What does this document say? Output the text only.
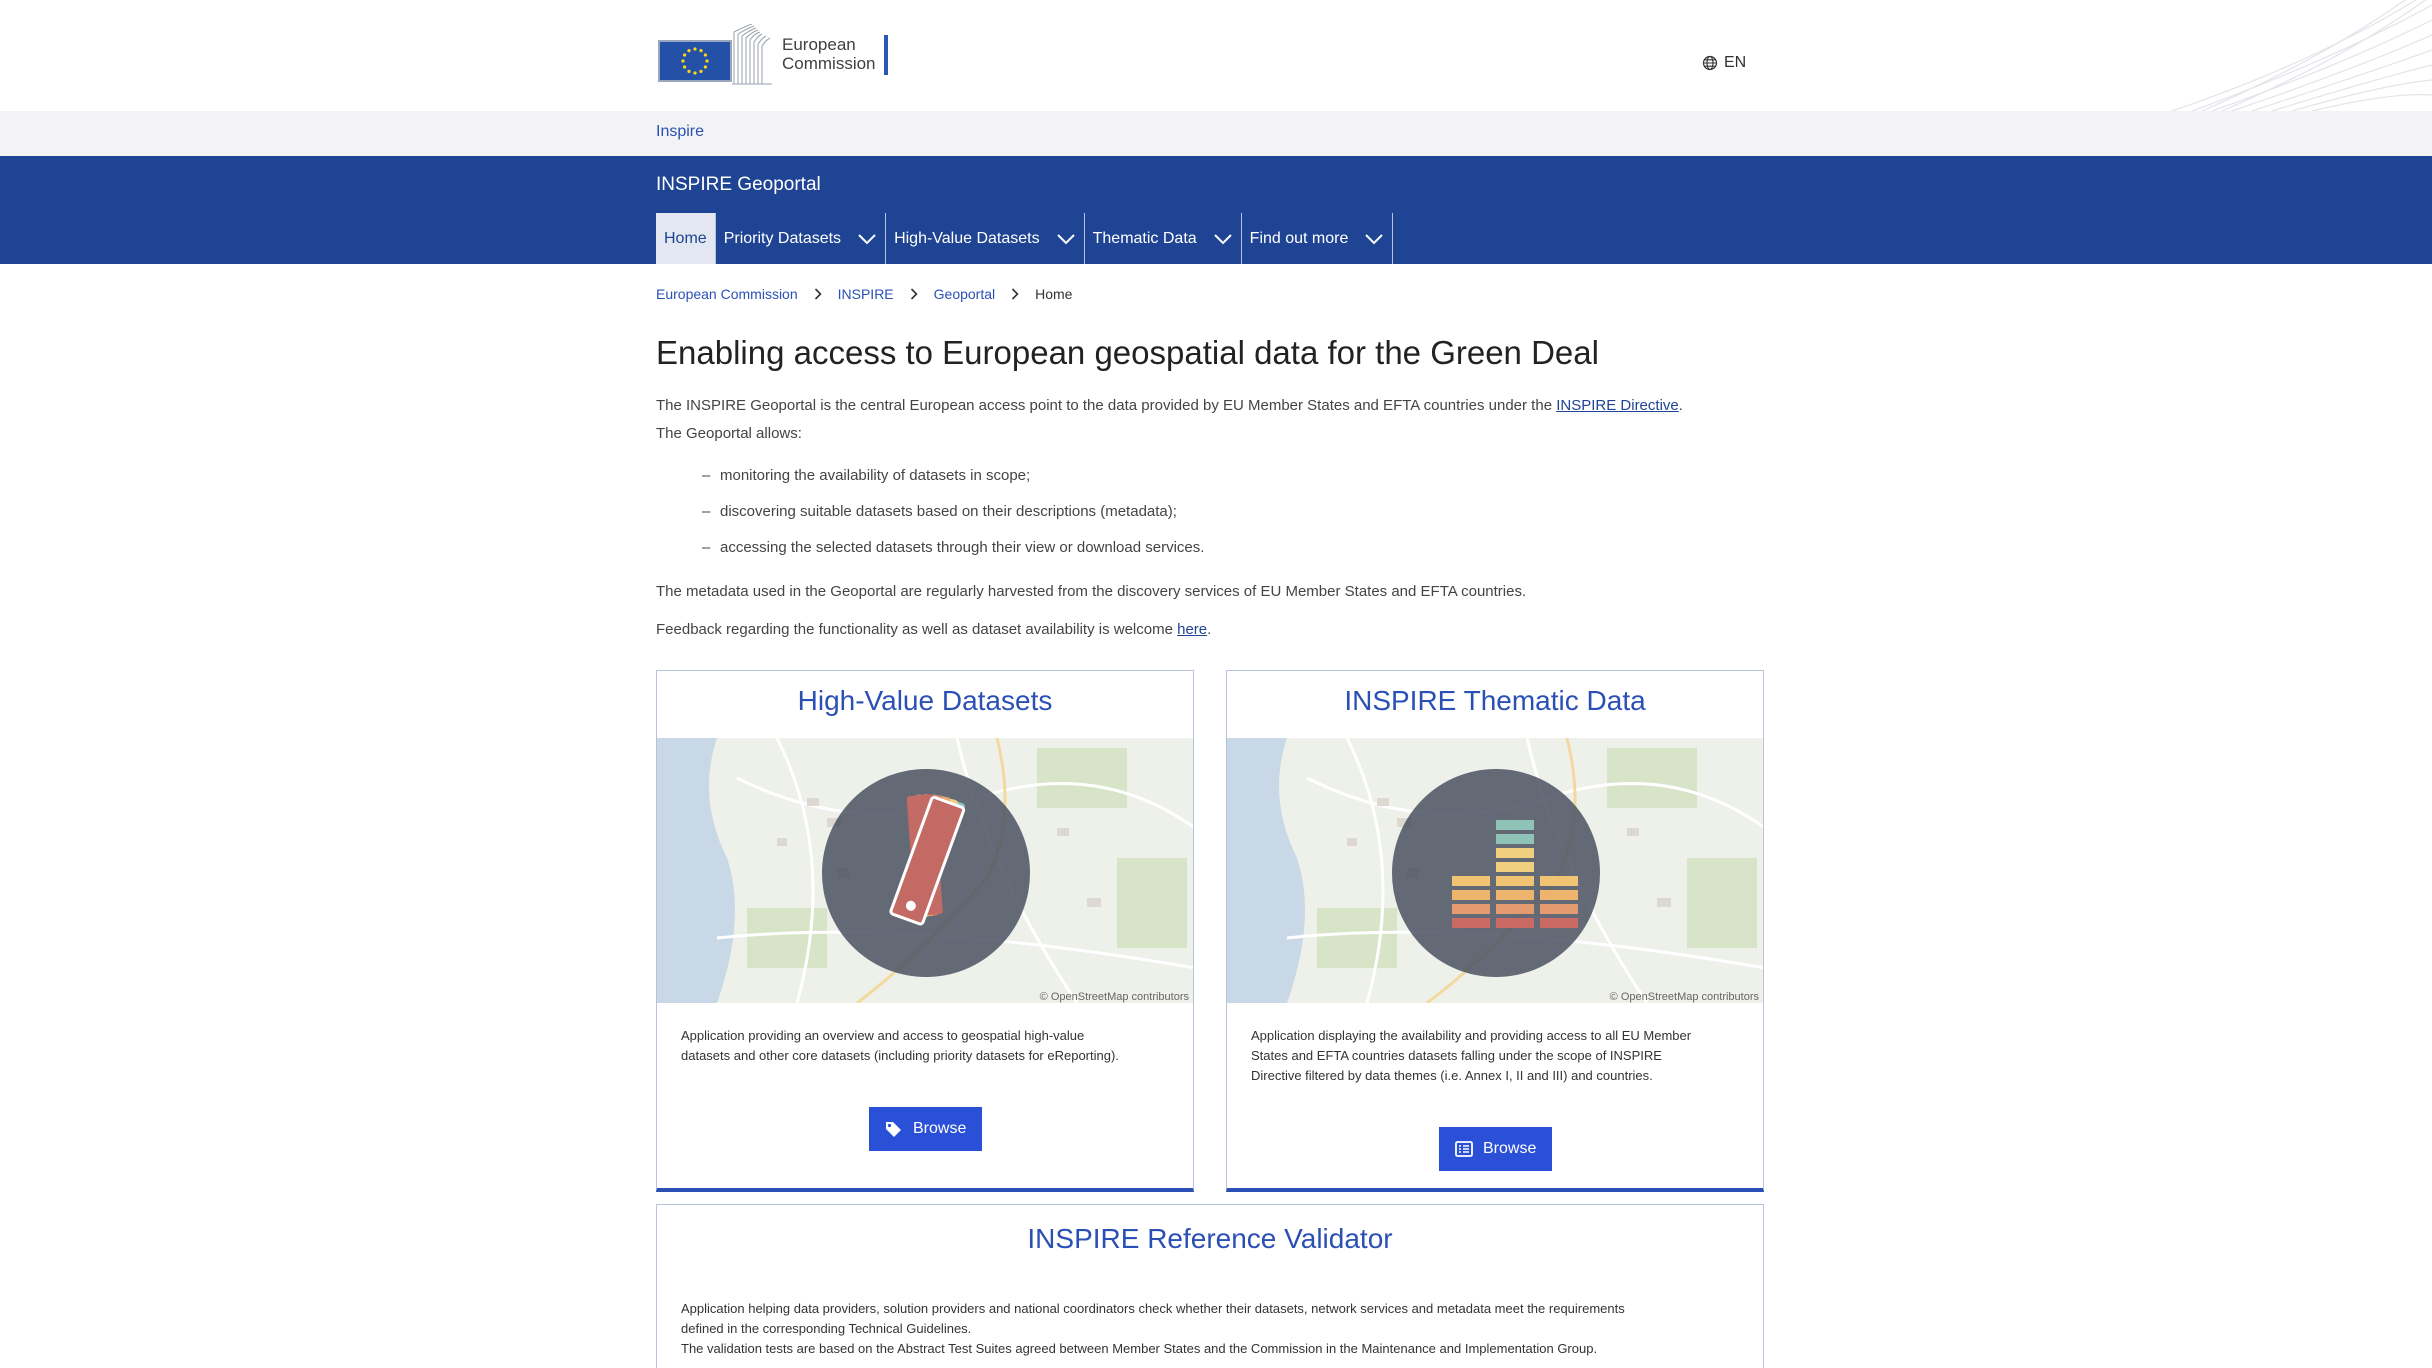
European
Commission	EN
Inspire
INSPIRE Geoportal
Home Priority Datasets	High-Value Datasets	Thematic Data	Find out more
European Commission	INSPIRE	Geoportal	Home
Enabling access to European geospatial data for the Green Deal
The INSPIRE Geoportal is the central European access point to the data provided by EU Member States and EFTA countries under the INSPIRE Directive.
The Geoportal allows:
– monitoring the availability of datasets in scope;
– discovering suitable datasets based on their descriptions (metadata);
– accessing the selected datasets through their view or download services.

The metadata used in the Geoportal are regularly harvested from the discovery services of EU Member States and EFTA countries.

Feedback regarding the functionality as well as dataset availability is welcome here.

High-Value Datasets
© OpenStreetMap contributors
Application providing an overview and access to geospatial high-value
datasets and other core datasets (including priority datasets for eReporting).
Browse
INSPIRE Thematic Data
© OpenStreetMap contributors
Application displaying the availability and providing access to all EU Member
States and EFTA countries datasets falling under the scope of INSPIRE
Directive filtered by data themes (i.e. Annex I, II and III) and countries.
Browse
INSPIRE Reference Validator
Application helping data providers, solution providers and national coordinators check whether their datasets, network services and metadata meet the requirements
defined in the corresponding Technical Guidelines.
The validation tests are based on the Abstract Test Suites agreed between Member States and the Commission in the Maintenance and Implementation Group.
